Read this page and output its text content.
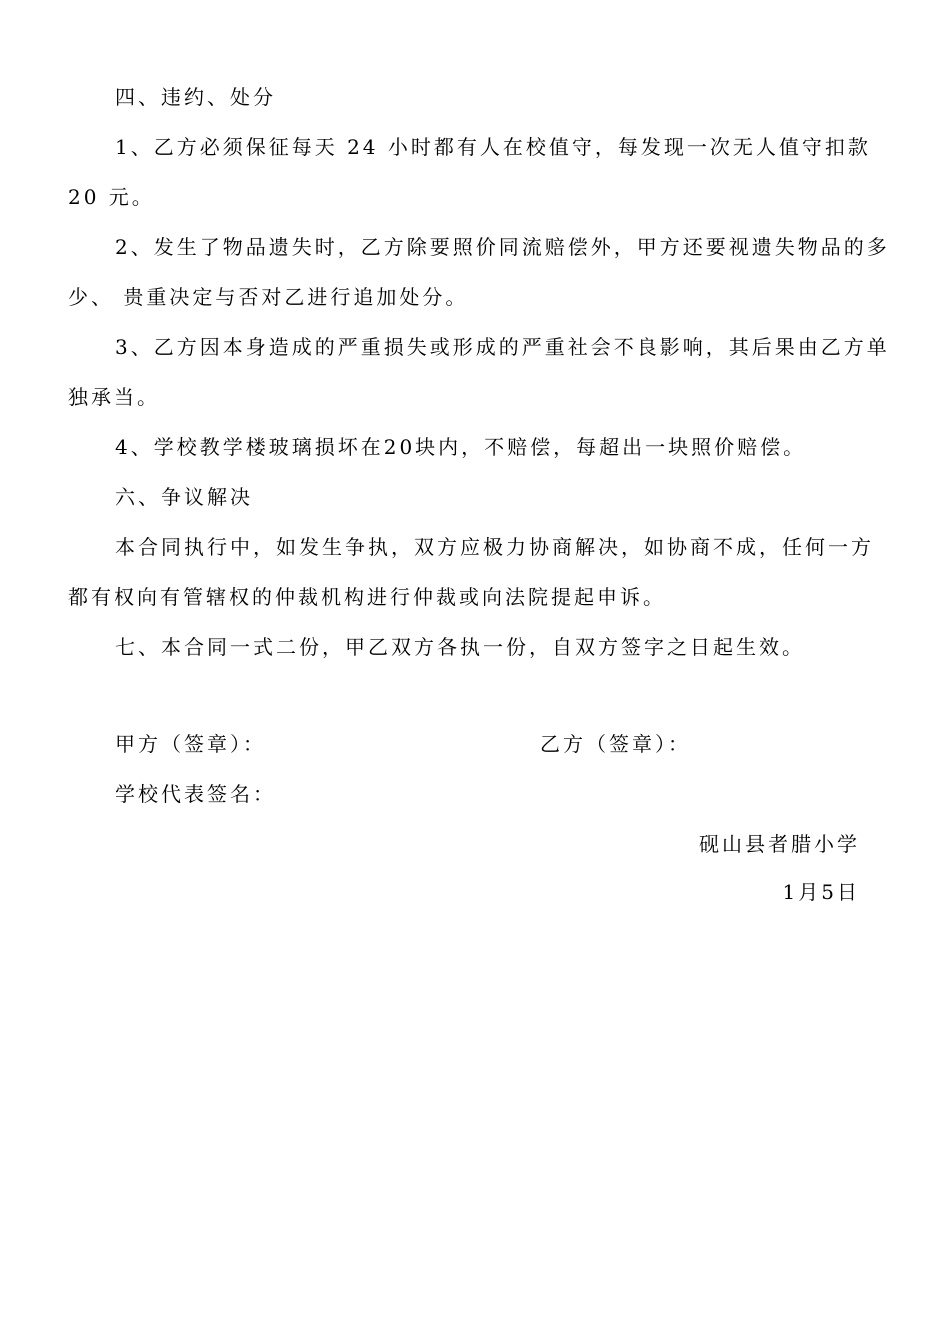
四、违约、处分
1、乙方必须保征每天 24 小时都有人在校值守，每发现一次无人值守扣款
20 元。
2、发生了物品遗失时，乙方除要照价同流赔偿外，甲方还要视遗失物品的多
少、 贵重决定与否对乙进行追加处分。
3、乙方因本身造成的严重损失或形成的严重社会不良影响，其后果由乙方单
独承当。
4、学校教学楼玻璃损坏在20块内，不赔偿，每超出一块照价赔偿。
六、争议解决
本合同执行中，如发生争执，双方应极力协商解决，如协商不成，任何一方
都有权向有管辖权的仲裁机构进行仲裁或向法院提起申诉。
七、本合同一式二份，甲乙双方各执一份，自双方签字之日起生效。
甲方（签章）：	乙方（签章）：
学校代表签名：
砚山县者腊小学
1月5日
